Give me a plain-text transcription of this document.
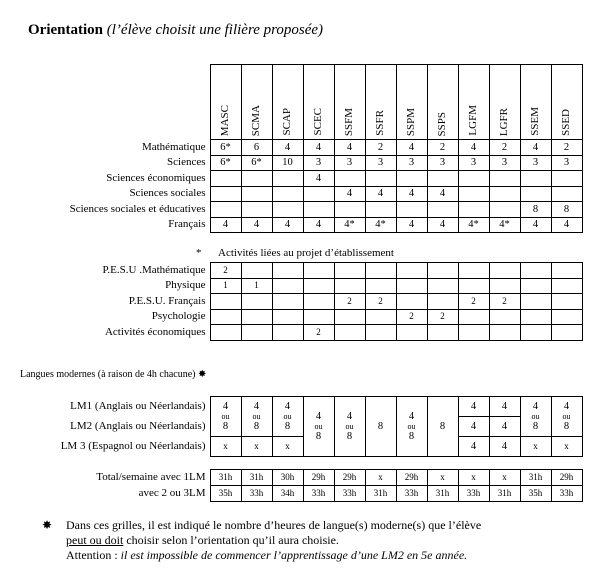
Orientation (l’élève choisit une filière proposée)
	MASC	SCMA	SCAP	SCEC	SSFM	SSFR	SSPM	SSPS	LGFM	LGFR	SSEM	SSED
Mathématique	6*	6	4	4	4	2	4	2	4	2	4	2
Sciences	6*	6*	10	3	3	3	3	3	3	3	3	3
Sciences économiques				4								
Sciences sociales					4	4	4	4				
Sciences sociales et éducatives											8	8
Français	4	4	4	4	4*	4*	4	4	4*	4*	4	4
* Activités liées au projet d’établissement
P.E.S.U .Mathématique	2											
Physique	1	1										
P.E.S.U. Français					2	2			2	2		
Psychologie							2	2				
Activités économiques				2								
Langues modernes (à raison de 4h chacune) ✸
LM1 (Anglais ou Néerlandais)	4
ou
8	4
ou
8	4
ou
8	4
ou
8	4
ou
8	8	4
ou
8	8	4	4	4
ou
8	4
ou
8

LM2 (Anglais ou Néerlandais)									4	4		
LM 3 (Espagnol ou Néerlandais)	x	x	x						4	4	x	x
Total/semaine avec 1LM	31h	31h	30h	29h	29h	x	29h	x	x	x	31h	29h
avec 2 ou 3LM	35h	33h	34h	33h	33h	31h	33h	31h	33h	31h	35h	33h
✸ Dans ces grilles, il est indiqué le nombre d’heures de langue(s) moderne(s) que l’élève
peut ou doit choisir selon l’orientation qu’il aura choisie.
Attention : il est impossible de commencer l’apprentissage d’une LM2 en 5e année.
